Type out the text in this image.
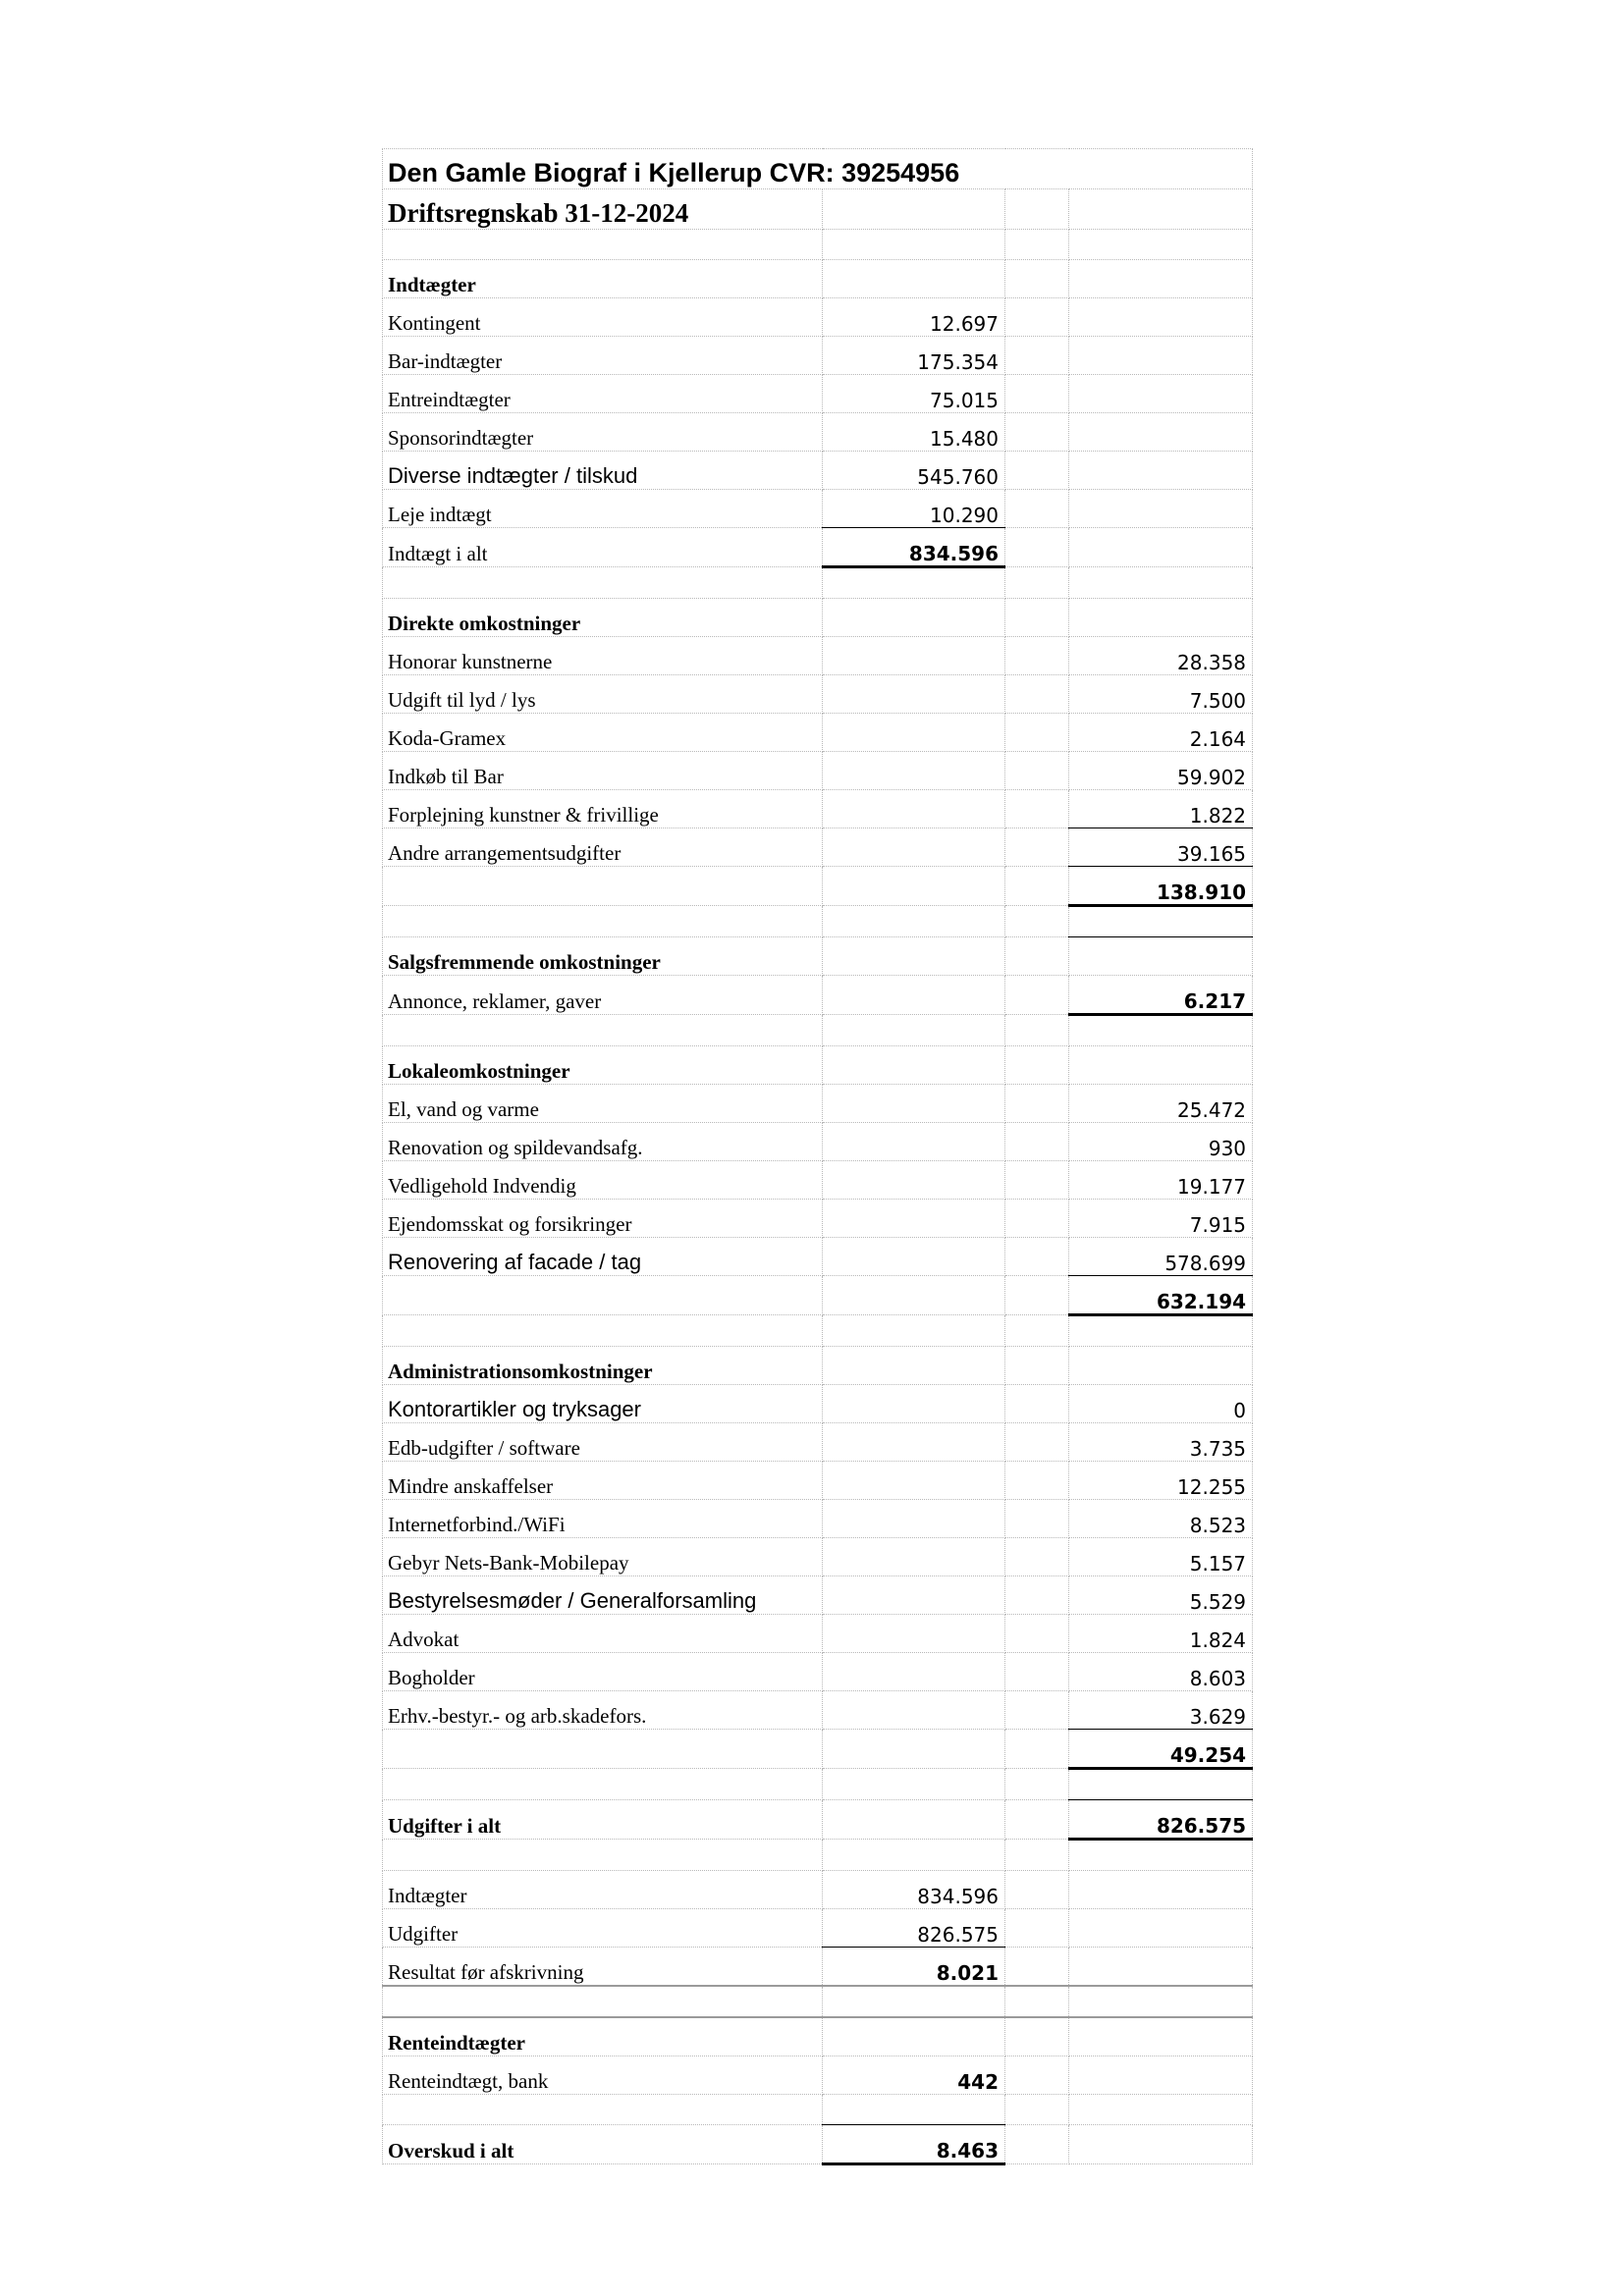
Den Gamle Biograf i Kjellerup CVR: 39254956			
Driftsregnskab 31-12-2024			

Indtægter			
Kontingent	12.697		
Bar-indtægter	175.354		
Entreindtægter	75.015		
Sponsorindtægter	15.480		
Diverse indtægter / tilskud	545.760		
Leje indtægt	10.290		
Indtægt i alt	834.596		

Direkte omkostninger			
Honorar kunstnerne			28.358
Udgift til lyd / lys			7.500
Koda-Gramex			2.164
Indkøb til Bar			59.902
Forplejning kunstner & frivillige			1.822
Andre arrangementsudgifter			39.165
			138.910

Salgsfremmende omkostninger			
Annonce, reklamer, gaver			6.217

Lokaleomkostninger			
El, vand og varme			25.472
Renovation og spildevandsafg.			930
Vedligehold Indvendig			19.177
Ejendomsskat og forsikringer			7.915
Renovering af facade / tag			578.699
			632.194

Administrationsomkostninger			
Kontorartikler og tryksager			0
Edb-udgifter / software			3.735
Mindre anskaffelser			12.255
Internetforbind./WiFi			8.523
Gebyr Nets-Bank-Mobilepay			5.157
Bestyrelsesmøder / Generalforsamling			5.529
Advokat			1.824
Bogholder			8.603
Erhv.-bestyr.- og arb.skadefors.			3.629
			49.254

Udgifter i alt			826.575

Indtægter	834.596		
Udgifter	826.575		
Resultat før afskrivning	8.021		

Renteindtægter			
Renteindtægt, bank	442		

Overskud i alt	8.463		
